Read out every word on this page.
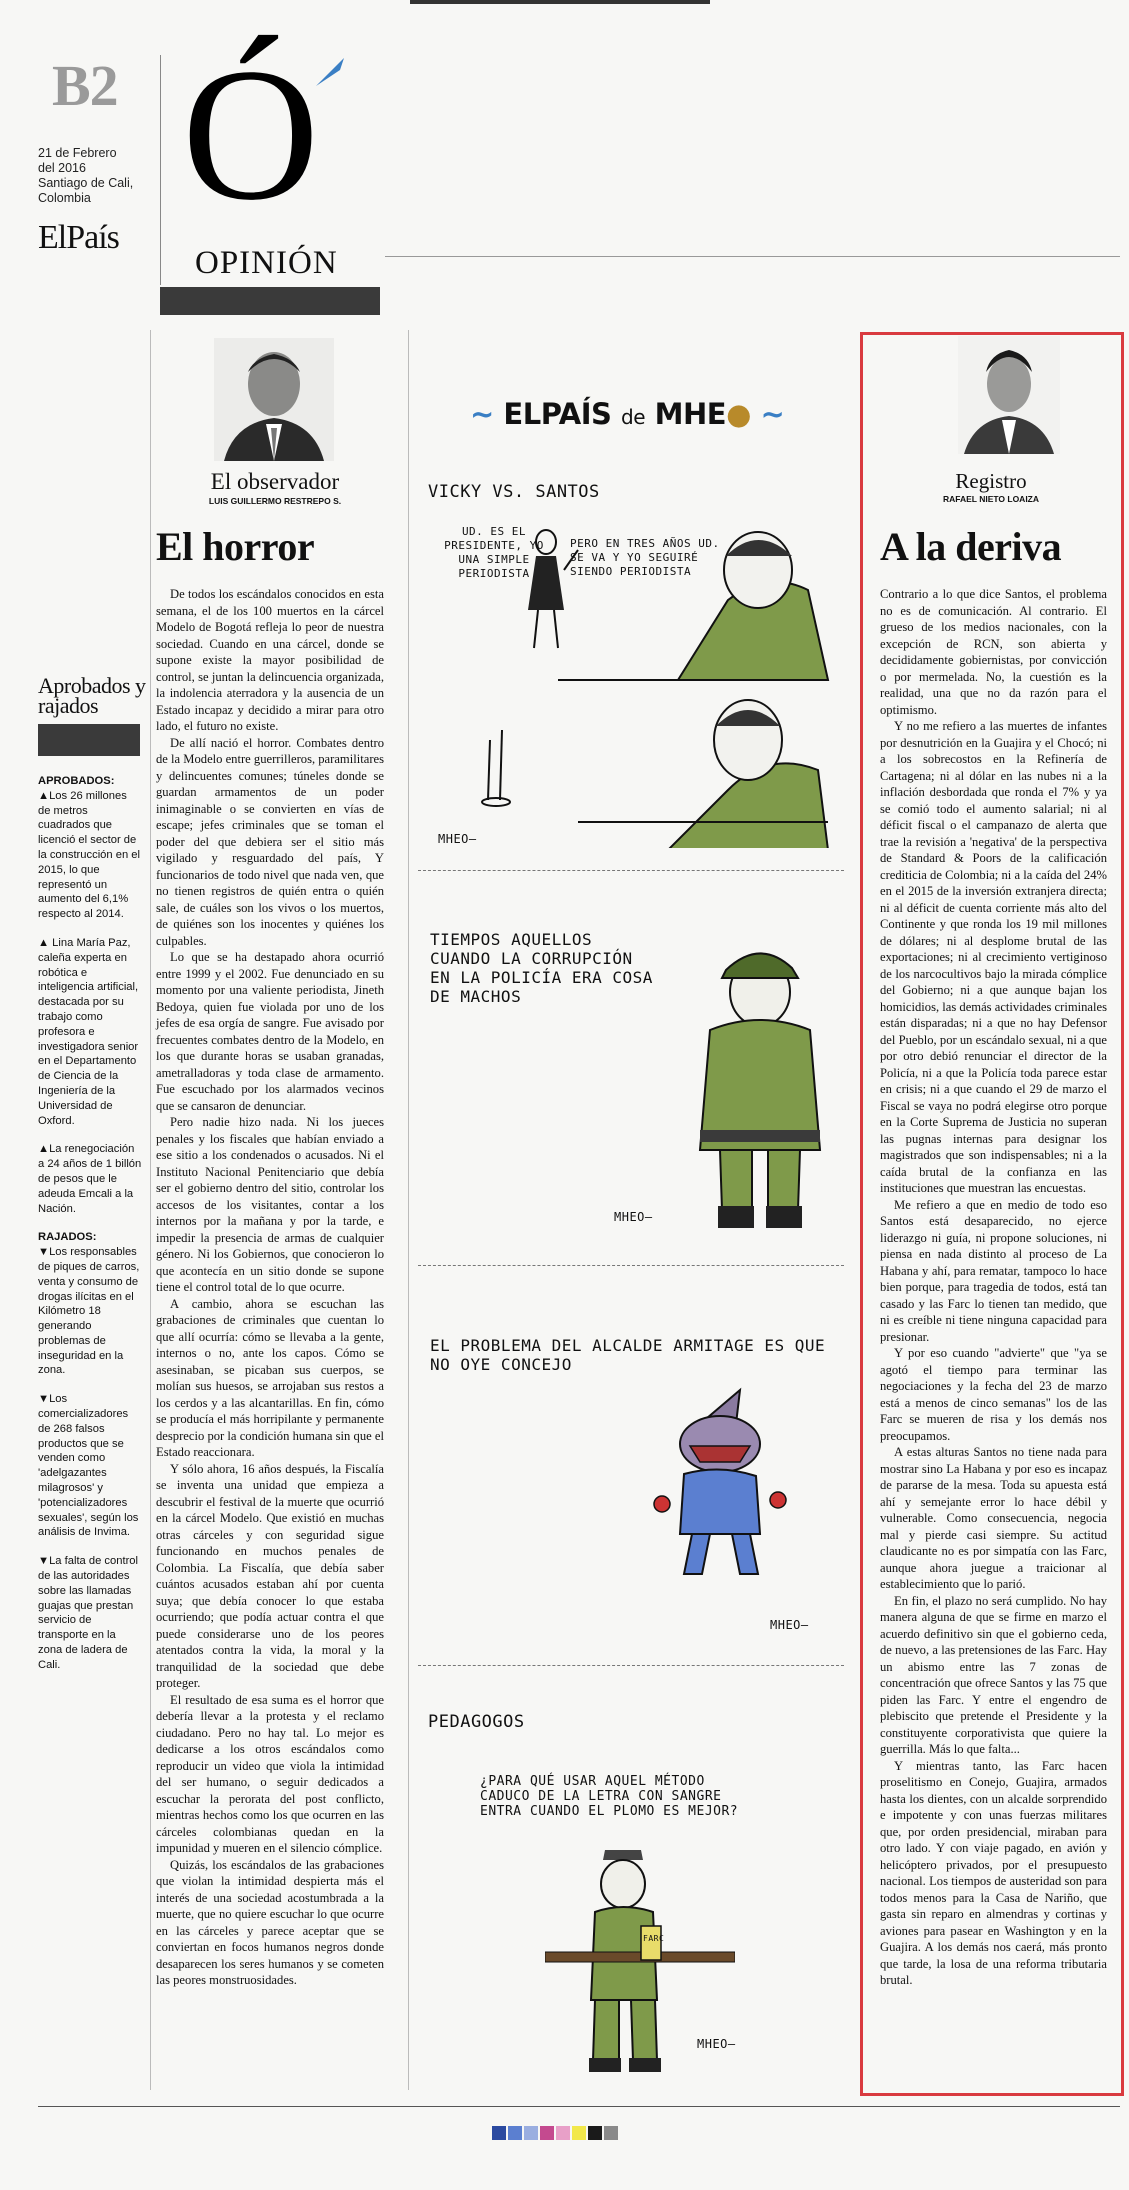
B2
21 de Febrero
del 2016
Santiago de Cali,
Colombia
ElPaís Ó
OPINIÓN
El observador
LUIS GUILLERMO RESTREPO S.
El horror

De todos los escándalos conocidos en esta semana, el de los 100 muertos en la cárcel Modelo de Bogotá refleja lo peor de nuestra sociedad. Cuando en una cárcel, donde se supone existe la mayor posibilidad de control, se juntan la delincuencia organizada, la indolencia aterradora y la ausencia de un Estado incapaz y decidido a mirar para otro lado, el futuro no existe.

De allí nació el horror. Combates dentro de la Modelo entre guerrilleros, paramilitares y delincuentes comunes; túneles donde se guardan armamentos de un poder inimaginable o se convierten en vías de escape; jefes criminales que se toman el poder del que debiera ser el sitio más vigilado y resguardado del país, Y funcionarios de todo nivel que nada ven, que no tienen registros de quién entra o quién sale, de cuáles son los vivos o los muertos, de quiénes son los inocentes y quiénes los culpables.

Lo que se ha destapado ahora ocurrió entre 1999 y el 2002. Fue denunciado en su momento por una valiente periodista, Jineth Bedoya, quien fue violada por uno de los jefes de esa orgía de sangre. Fue avisado por frecuentes combates dentro de la Modelo, en los que durante horas se usaban granadas, ametralladoras y toda clase de armamento. Fue escuchado por los alarmados vecinos que se cansaron de denunciar.

Pero nadie hizo nada. Ni los jueces penales y los fiscales que habían enviado a ese sitio a los condenados o acusados. Ni el Instituto Nacional Penitenciario que debía ser el gobierno dentro del sitio, controlar los accesos de los visitantes, contar a los internos por la mañana y por la tarde, e impedir la presencia de armas de cualquier género. Ni los Gobiernos, que conocieron lo que acontecía en un sitio donde se supone tiene el control total de lo que ocurre.

A cambio, ahora se escuchan las grabaciones de criminales que cuentan lo que allí ocurría: cómo se llevaba a la gente, internos o no, ante los capos. Cómo se asesinaban, se picaban sus cuerpos, se molían sus huesos, se arrojaban sus restos a los cerdos y a las alcantarillas. En fin, cómo se producía el más horripilante y permanente desprecio por la condición humana sin que el Estado reaccionara.

Y sólo ahora, 16 años después, la Fiscalía se inventa una unidad que empieza a descubrir el festival de la muerte que ocurrió en la cárcel Modelo. Que existió en muchas otras cárceles y con seguridad sigue funcionando en muchos penales de Colombia. La Fiscalía, que debía saber cuántos acusados estaban ahí por cuenta suya; que debía conocer lo que estaba ocurriendo; que podía actuar contra el que puede considerarse uno de los peores atentados contra la vida, la moral y la tranquilidad de la sociedad que debe proteger.

El resultado de esa suma es el horror que debería llevar a la protesta y el reclamo ciudadano. Pero no hay tal. Lo mejor es dedicarse a los otros escándalos como reproducir un video que viola la intimidad del ser humano, o seguir dedicados a escuchar la perorata del post conflicto, mientras hechos como los que ocurren en las cárceles colombianas quedan en la impunidad y mueren en el silencio cómplice.

Quizás, los escándalos de las grabaciones que violan la intimidad despierta más el interés de una sociedad acostumbrada a la muerte, que no quiere escuchar lo que ocurre en las cárceles y parece aceptar que se conviertan en focos humanos negros donde desaparecen los seres humanos y se cometen las peores monstruosidades.

Aprobados y rajados
APROBADOS:

▲Los 26 millones de metros cuadrados que licenció el sector de la construcción en el 2015, lo que representó un aumento del 6,1% respecto al 2014.

▲ Lina María Paz, caleña experta en robótica e inteligencia artificial, destacada por su trabajo como profesora e investigadora senior en el Departamento de Ciencia de la Ingeniería de la Universidad de Oxford.

▲La renegociación a 24 años de 1 billón de pesos que le adeuda Emcali a la Nación.

RAJADOS:

▼Los responsables de piques de carros, venta y consumo de drogas ilícitas en el Kilómetro 18 generando problemas de inseguridad en la zona.

▼Los comercializadores de 268 falsos productos que se venden como 'adelgazantes milagrosos' y 'potencializadores sexuales', según los análisis de Invima.

▼La falta de control de las autoridades sobre las llamadas guajas que prestan servicio de transporte en la zona de ladera de Cali.

~ ELPAÍS de MHE● ~
VICKY VS. SANTOS
UD. ES EL PRESIDENTE, YO UNA SIMPLE PERIODISTA
PERO EN TRES AÑOS UD. SE VA Y YO SEGUIRÉ SIENDO PERIODISTA
MHEO—
TIEMPOS AQUELLOS CUANDO LA CORRUPCIÓN EN LA POLICÍA ERA COSA DE MACHOS
MHEO—
EL PROBLEMA DEL ALCALDE ARMITAGE ES QUE NO OYE CONCEJO
MHEO—
PEDAGOGOS
¿PARA QUÉ USAR AQUEL MÉTODO CADUCO DE LA LETRA CON SANGRE ENTRA CUANDO EL PLOMO ES MEJOR?
FARC
MHEO—
Registro
RAFAEL NIETO LOAIZA
A la deriva

Contrario a lo que dice Santos, el problema no es de comunicación. Al contrario. El grueso de los medios nacionales, con la excepción de RCN, son abierta y decididamente gobiernistas, por convicción o por mermelada. No, la cuestión es la realidad, una que no da razón para el optimismo.

Y no me refiero a las muertes de infantes por desnutrición en la Guajira y el Chocó; ni a los sobrecostos en la Refinería de Cartagena; ni al dólar en las nubes ni a la inflación desbordada que ronda el 7% y ya se comió todo el aumento salarial; ni al déficit fiscal o el campanazo de alerta que trae la revisión a 'negativa' de la perspectiva de Standard & Poors de la calificación crediticia de Colombia; ni a la caída del 24% en el 2015 de la inversión extranjera directa; ni al déficit de cuenta corriente más alto del Continente y que ronda los 19 mil millones de dólares; ni al desplome brutal de las exportaciones; ni al crecimiento vertiginoso de los narcocultivos bajo la mirada cómplice del Gobierno; ni a que aunque bajan los homicidios, las demás actividades criminales están disparadas; ni a que no hay Defensor del Pueblo, por un escándalo sexual, ni a que por otro debió renunciar el director de la Policía, ni a que la Policía toda parece estar en crisis; ni a que cuando el 29 de marzo el Fiscal se vaya no podrá elegirse otro porque en la Corte Suprema de Justicia no superan las pugnas internas para designar los magistrados que son indispensables; ni a la caída brutal de la confianza en las instituciones que muestran las encuestas.

Me refiero a que en medio de todo eso Santos está desaparecido, no ejerce liderazgo ni guía, ni propone soluciones, ni piensa en nada distinto al proceso de La Habana y ahí, para rematar, tampoco lo hace bien porque, para tragedia de todos, está tan casado y las Farc lo tienen tan medido, que ni es creíble ni tiene ninguna capacidad para presionar.

Y por eso cuando "advierte" que "ya se agotó el tiempo para terminar las negociaciones y la fecha del 23 de marzo está a menos de cinco semanas" los de las Farc se mueren de risa y los demás nos preocupamos.

A estas alturas Santos no tiene nada para mostrar sino La Habana y por eso es incapaz de pararse de la mesa. Toda su apuesta está ahí y semejante error lo hace débil y vulnerable. Como consecuencia, negocia mal y pierde casi siempre. Su actitud claudicante no es por simpatía con las Farc, aunque ahora juegue a traicionar al establecimiento que lo parió.

En fin, el plazo no será cumplido. No hay manera alguna de que se firme en marzo el acuerdo definitivo sin que el gobierno ceda, de nuevo, a las pretensiones de las Farc. Hay un abismo entre las 7 zonas de concentración que ofrece Santos y las 75 que piden las Farc. Y entre el engendro de plebiscito que pretende el Presidente y la constituyente corporativista que quiere la guerrilla. Más lo que falta...

Y mientras tanto, las Farc hacen proselitismo en Conejo, Guajira, armados hasta los dientes, con un alcalde sorprendido e impotente y con unas fuerzas militares que, por orden presidencial, miraban para otro lado. Y con viaje pagado, en avión y helicóptero privados, por el presupuesto nacional. Los tiempos de austeridad son para todos menos para la Casa de Nariño, que gasta sin reparo en almendras y cortinas y aviones para pasear en Washington y en la Guajira. A los demás nos caerá, más pronto que tarde, la losa de una reforma tributaria brutal.
